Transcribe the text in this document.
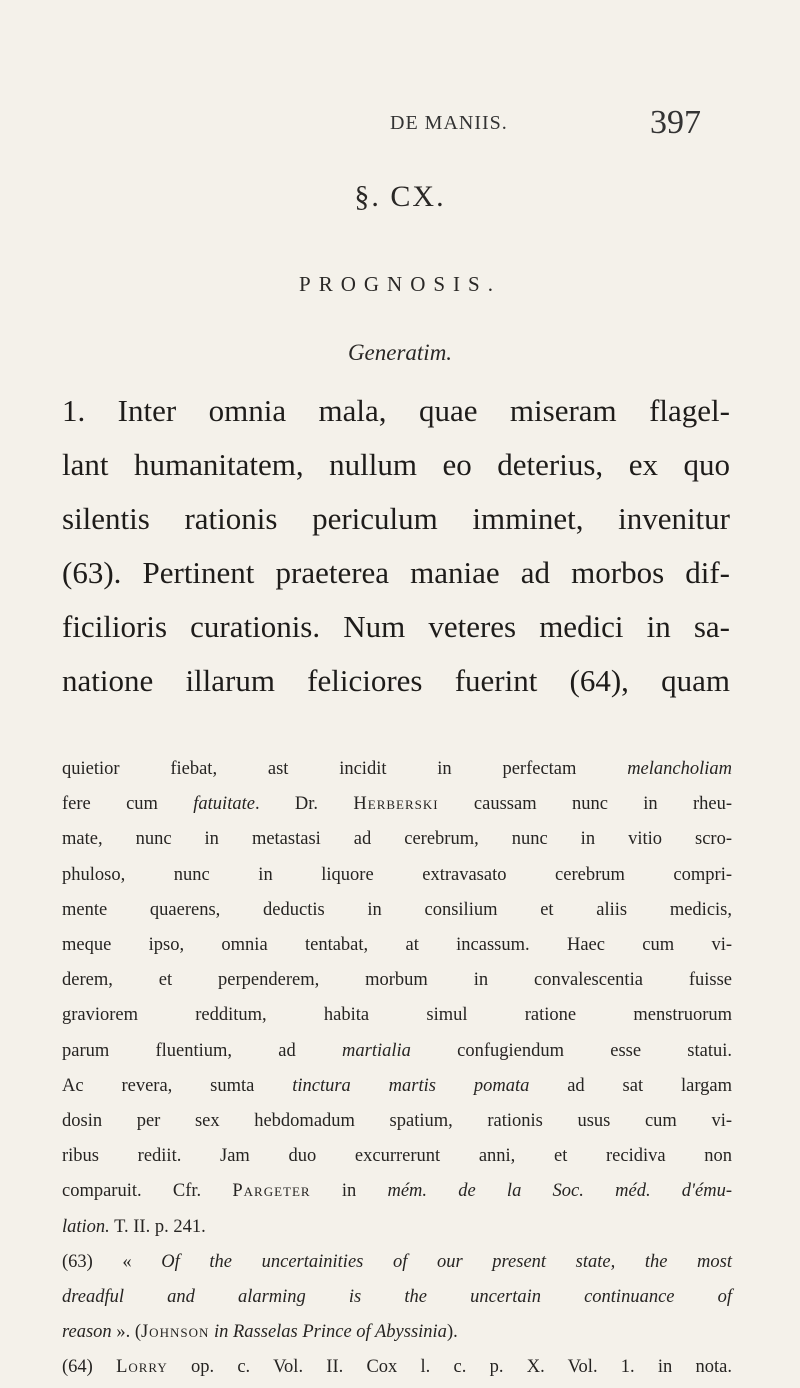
DE MANIIS.	397
§. CX.
PROGNOSIS.
Generatim.
1. Inter omnia mala, quae miseram flagel-
lant humanitatem, nullum eo deterius, ex quo
silentis rationis periculum imminet, invenitur
(63). Pertinent praeterea maniae ad morbos dif-
ficilioris curationis. Num veteres medici in sa-
natione illarum feliciores fuerint (64), quam
quietior fiebat, ast incidit in perfectam melancholiam
fere cum fatuitate. Dr. Herberski caussam nunc in rheu-
mate, nunc in metastasi ad cerebrum, nunc in vitio scro-
phuloso, nunc in liquore extravasato cerebrum compri-
mente quaerens, deductis in consilium et aliis medicis,
meque ipso, omnia tentabat, at incassum. Haec cum vi-
derem, et perpenderem, morbum in convalescentia fuisse
graviorem redditum, habita simul ratione menstruorum
parum fluentium, ad martialia confugiendum esse statui.
Ac revera, sumta tinctura martis pomata ad sat largam
dosin per sex hebdomadum spatium, rationis usus cum vi-
ribus rediit. Jam duo excurrerunt anni, et recidiva non
comparuit. Cfr. Pargeter in mém. de la Soc. méd. d'ému-
lation. T. II. p. 241.
(63) « Of the uncertainities of our present state, the most
dreadful and alarming is the uncertain continuance of
reason ». (Johnson in Rasselas Prince of Abyssinia).
(64) Lorry op. c. Vol. II. Cox l. c. p. X. Vol. 1. in nota.
